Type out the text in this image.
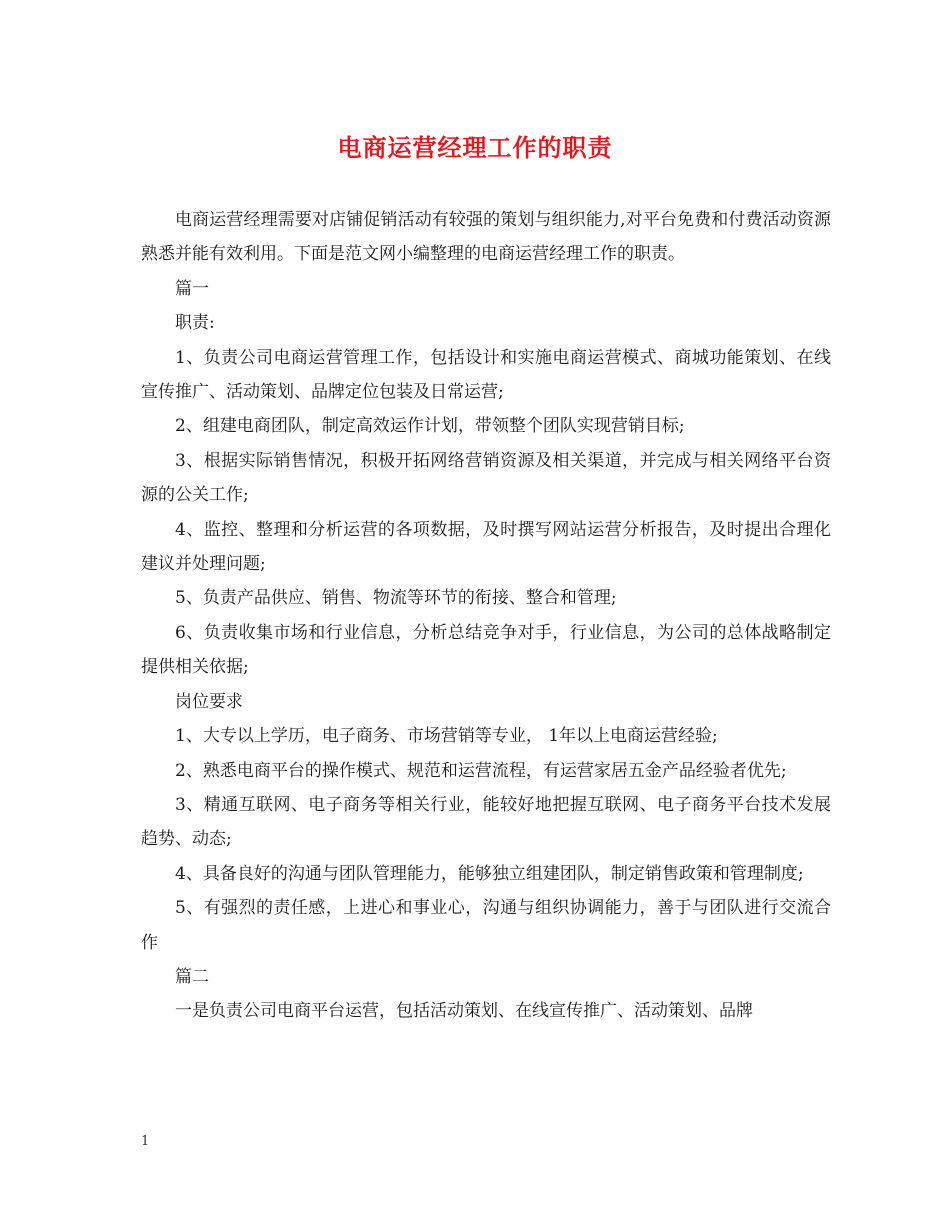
电商运营经理工作的职责

电商运营经理需要对店铺促销活动有较强的策划与组织能力,对平台免费和付费活动资源熟悉并能有效利用。下面是范文网小编整理的电商运营经理工作的职责。

篇一

职责:

1、负责公司电商运营管理工作，包括设计和实施电商运营模式、商城功能策划、在线宣传推广、活动策划、品牌定位包装及日常运营;

2、组建电商团队，制定高效运作计划，带领整个团队实现营销目标;

3、根据实际销售情况，积极开拓网络营销资源及相关渠道，并完成与相关网络平台资源的公关工作;

4、监控、整理和分析运营的各项数据，及时撰写网站运营分析报告，及时提出合理化建议并处理问题;

5、负责产品供应、销售、物流等环节的衔接、整合和管理;

6、负责收集市场和行业信息，分析总结竞争对手，行业信息，为公司的总体战略制定提供相关依据;

岗位要求

1、大专以上学历，电子商务、市场营销等专业， 1年以上电商运营经验;

2、熟悉电商平台的操作模式、规范和运营流程，有运营家居五金产品经验者优先;

3、精通互联网、电子商务等相关行业，能较好地把握互联网、电子商务平台技术发展趋势、动态;

4、具备良好的沟通与团队管理能力，能够独立组建团队，制定销售政策和管理制度;

5、有强烈的责任感，上进心和事业心，沟通与组织协调能力，善于与团队进行交流合作

篇二

一是负责公司电商平台运营，包括活动策划、在线宣传推广、活动策划、品牌

1
